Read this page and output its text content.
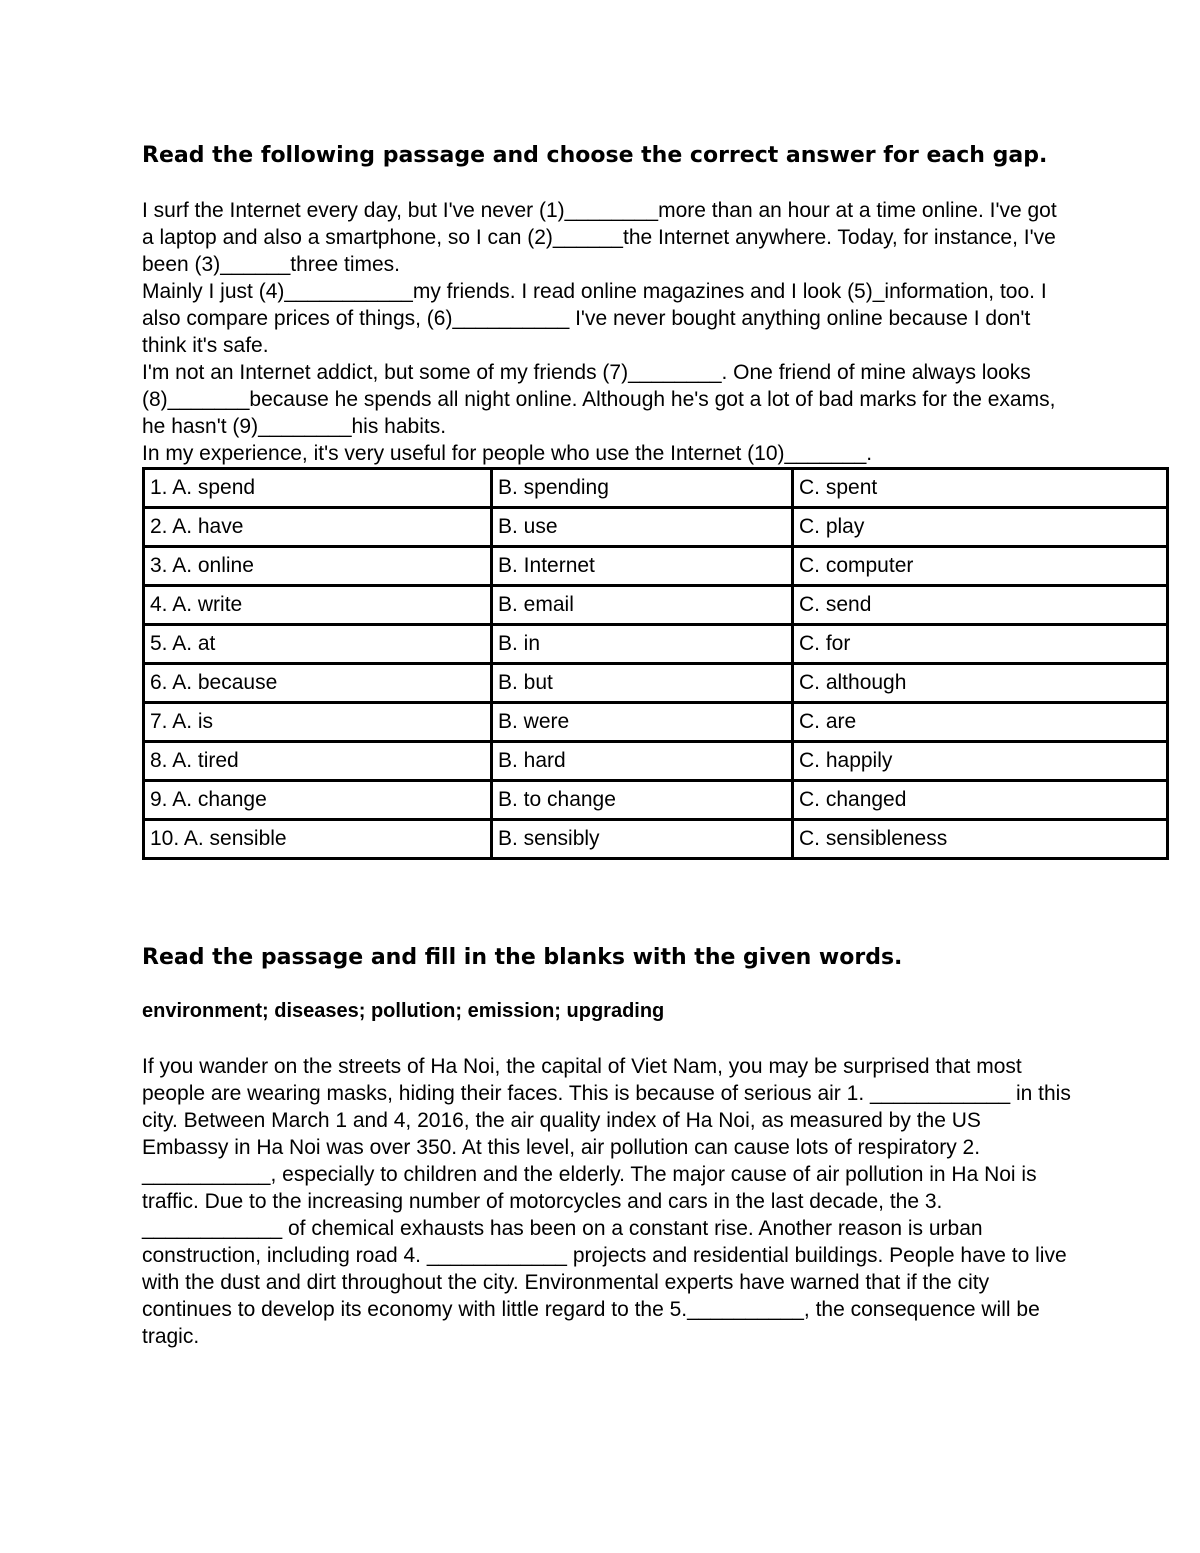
Read the following passage and choose the correct answer for each gap.

I surf the Internet every day, but I've never (1)________more than an hour at a time online. I've got a laptop and also a smartphone, so I can (2)______the Internet anywhere. Today, for instance, I've been (3)______three times.

Mainly I just (4)___________my friends. I read online magazines and I look (5)_information, too. I also compare prices of things, (6)__________ I've never bought anything online because I don't think it's safe.

I'm not an Internet addict, but some of my friends (7)________. One friend of mine always looks (8)_______because he spends all night online. Although he's got a lot of bad marks for the exams, he hasn't (9)________his habits.

In my experience, it's very useful for people who use the Internet (10)_______.

1. A. spend	B. spending	C. spent
2. A. have	B. use	C. play
3. A. online	B. Internet	C. computer
4. A. write	B. email	C. send
5. A. at	B. in	C. for
6. A. because	B. but	C. although
7. A. is	B. were	C. are
8. A. tired	B. hard	C. happily
9. A. change	B. to change	C. changed
10. A. sensible	B. sensibly	C. sensibleness
Read the passage and fill in the blanks with the given words.
environment; diseases; pollution; emission; upgrading

If you wander on the streets of Ha Noi, the capital of Viet Nam, you may be surprised that most people are wearing masks, hiding their faces. This is because of serious air 1. ____________ in this city. Between March 1 and 4, 2016, the air quality index of Ha Noi, as measured by the US Embassy in Ha Noi was over 350. At this level, air pollution can cause lots of respiratory 2. ___________, especially to children and the elderly. The major cause of air pollution in Ha Noi is traffic. Due to the increasing number of motorcycles and cars in the last decade, the 3. ____________ of chemical exhausts has been on a constant rise. Another reason is urban construction, including road 4. ____________ projects and residential buildings. People have to live with the dust and dirt throughout the city. Environmental experts have warned that if the city continues to develop its economy with little regard to the 5.__________, the consequence will be tragic.
